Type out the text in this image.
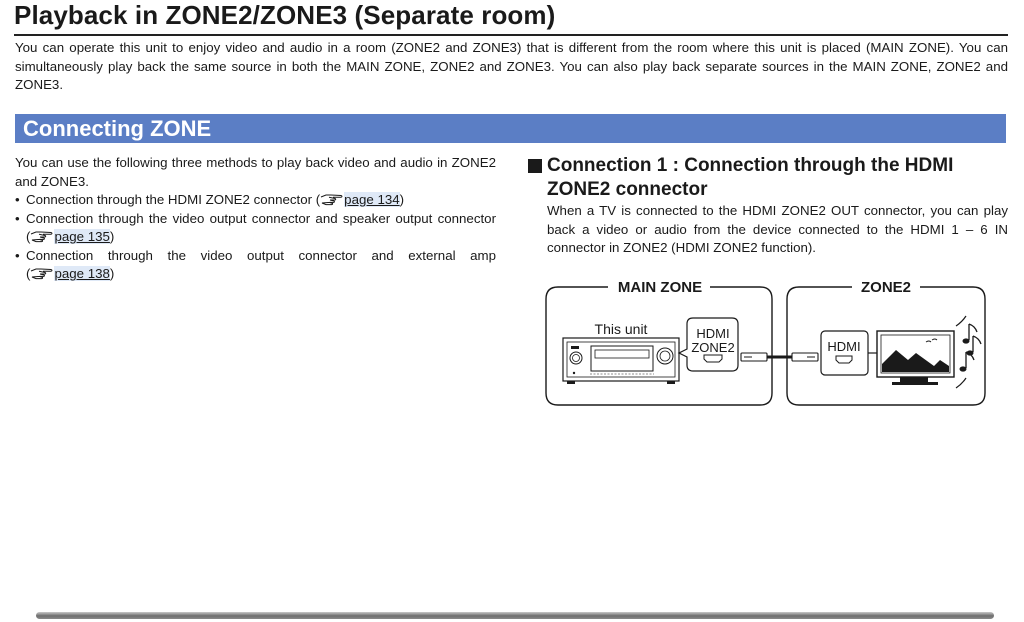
Playback in ZONE2/ZONE3 (Separate room)
You can operate this unit to enjoy video and audio in a room (ZONE2 and ZONE3) that is different from the room where this unit is placed (MAIN ZONE). You can simultaneously play back the same source in both the MAIN ZONE, ZONE2 and ZONE3. You can also play back separate sources in the MAIN ZONE, ZONE2 and ZONE3.
Connecting ZONE

You can use the following three methods to play back video and audio in ZONE2 and ZONE3.

• Connection through the HDMI ZONE2 connector ( page 134)
• Connection through the video output connector and speaker output connector ( page 135)
• Connection through the video output connector and external amp ( page 138)
Connection 1 : Connection through the HDMI ZONE2 connector
When a TV is connected to the HDMI ZONE2 OUT connector, you can play back a video or audio from the device connected to the HDMI 1 – 6 IN connector in ZONE2 (HDMI ZONE2 function).
MAIN ZONE	ZONE2
This unit	HDMI
ZONE2	HDMI
